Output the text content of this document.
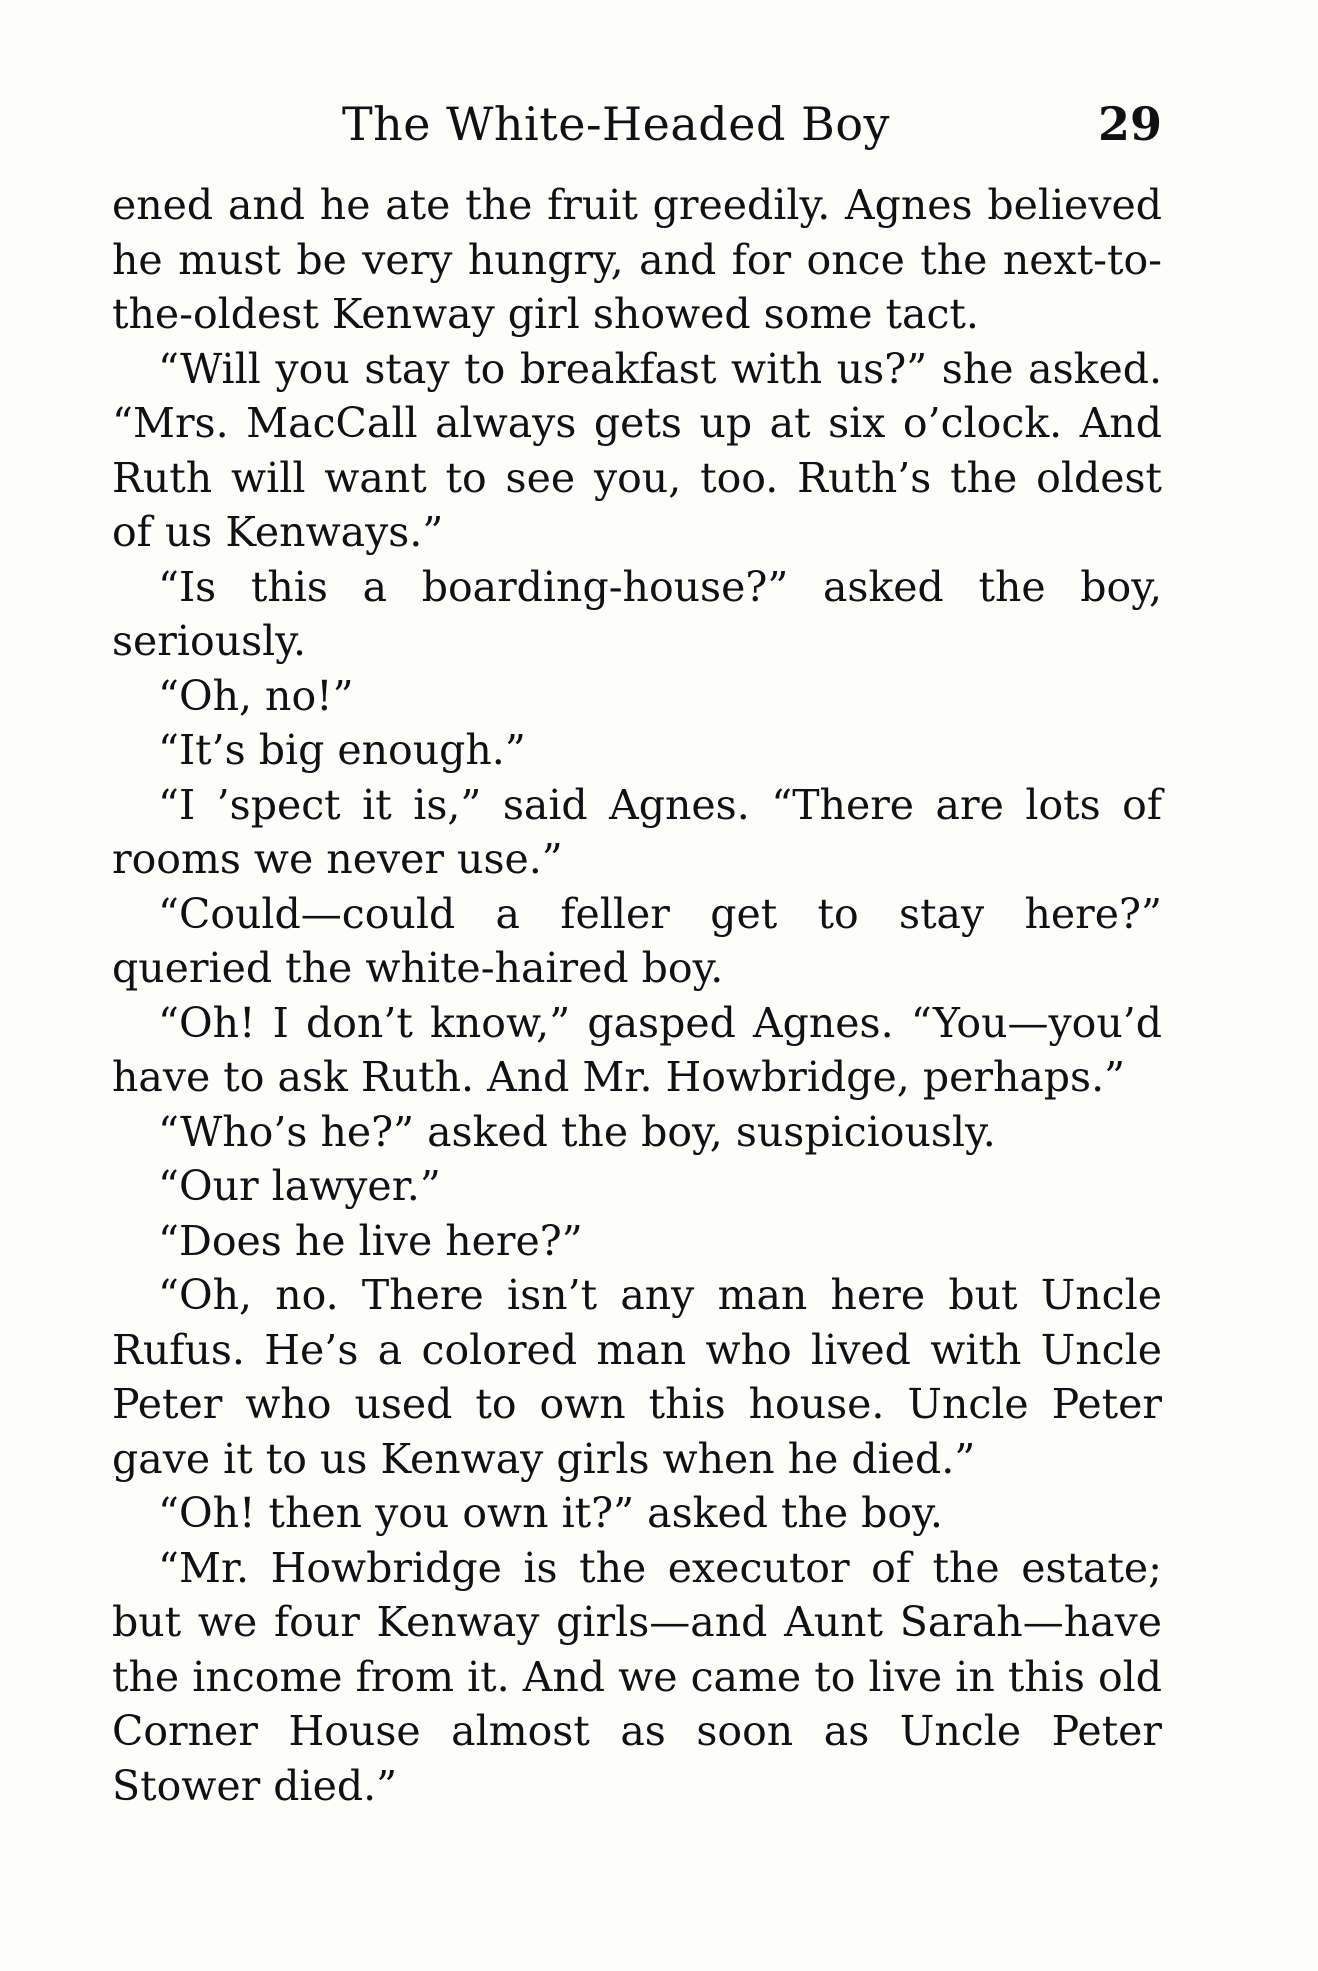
The White-Headed Boy	29

ened and he ate the fruit greedily. Agnes believed he must be very hungry, and for once the next-to-the-oldest Kenway girl showed some tact.

“Will you stay to breakfast with us?” she asked. “Mrs. MacCall always gets up at six o’clock. And Ruth will want to see you, too. Ruth’s the oldest of us Kenways.”

“Is this a boarding-house?” asked the boy, seriously.

“Oh, no!”

“It’s big enough.”

“I ’spect it is,” said Agnes. “There are lots of rooms we never use.”

“Could—could a feller get to stay here?” queried the white-haired boy.

“Oh! I don’t know,” gasped Agnes. “You—you’d have to ask Ruth. And Mr. Howbridge, perhaps.”

“Who’s he?” asked the boy, suspiciously.

“Our lawyer.”

“Does he live here?”

“Oh, no. There isn’t any man here but Uncle Rufus. He’s a colored man who lived with Uncle Peter who used to own this house. Uncle Peter gave it to us Kenway girls when he died.”

“Oh! then you own it?” asked the boy.

“Mr. Howbridge is the executor of the estate; but we four Kenway girls—and Aunt Sarah—have the income from it. And we came to live in this old Corner House almost as soon as Uncle Peter Stower died.”
